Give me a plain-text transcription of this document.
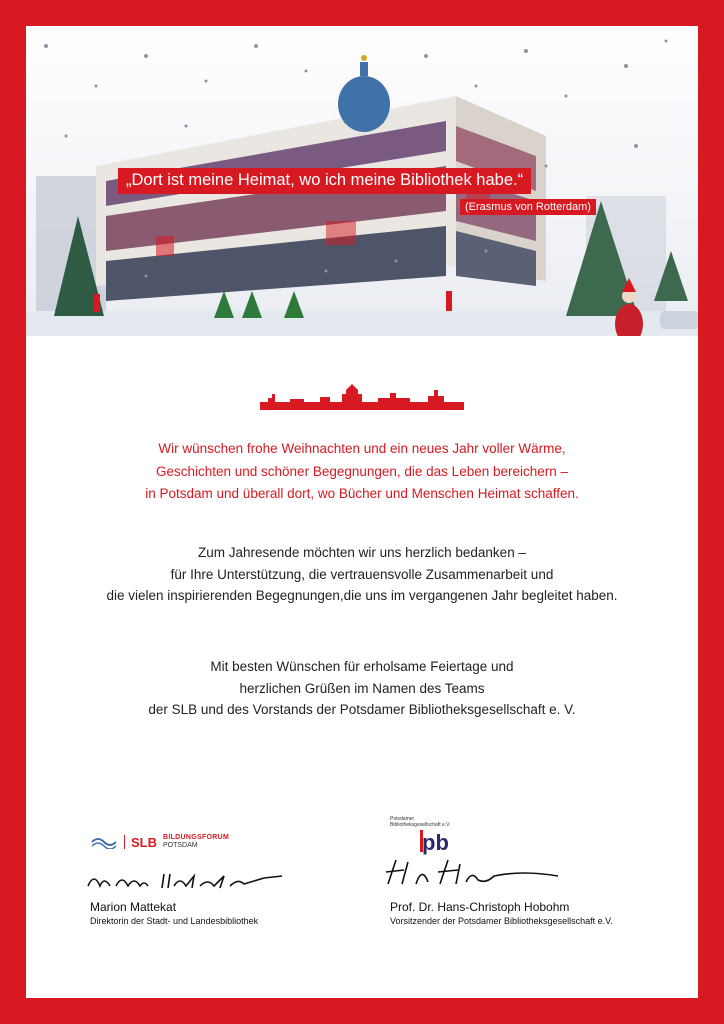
„Dort ist meine Heimat, wo ich meine Bibliothek habe.“
(Erasmus von Rotterdam)
Wir wünschen frohe Weihnachten und ein neues Jahr voller Wärme,
Geschichten und schöner Begegnungen, die das Leben bereichern –
in Potsdam und überall dort, wo Bücher und Menschen Heimat schaffen.
Zum Jahresende möchten wir uns herzlich bedanken –
für Ihre Unterstützung, die vertrauensvolle Zusammenarbeit und
die vielen inspirierenden Begegnungen,die uns im vergangenen Jahr begleitet haben.
Mit besten Wünschen für erholsame Feiertage und
herzlichen Grüßen im Namen des Teams
der SLB und des Vorstands der Potsdamer Bibliotheksgesellschaft e. V.
SLB BILDUNGSFORUM
POTSDAM
Potsdamer
Bibliotheksgesellschaft e.V.
pb
Marion Mattekat
Direktorin der Stadt- und Landesbibliothek
Prof. Dr. Hans-Christoph Hobohm
Vorsitzender der Potsdamer Bibliotheksgesellschaft e.V.
